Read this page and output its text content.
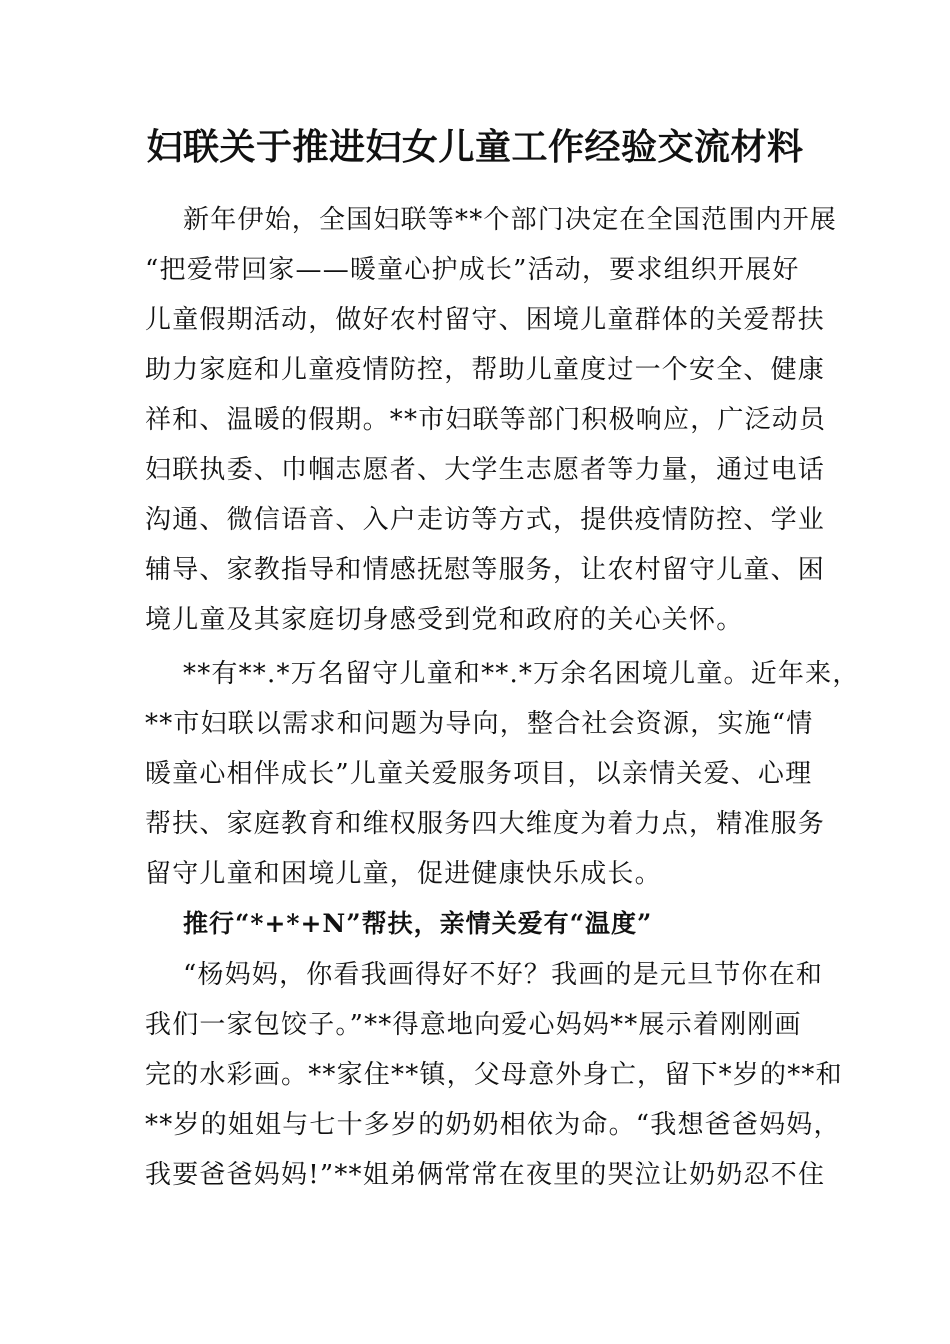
妇联关于推进妇女儿童工作经验交流材料
新年伊始，全国妇联等**个部门决定在全国范围内开展
“把爱带回家——暖童心护成长”活动，要求组织开展好
儿童假期活动，做好农村留守、困境儿童群体的关爱帮扶
助力家庭和儿童疫情防控，帮助儿童度过一个安全、健康
祥和、温暖的假期。**市妇联等部门积极响应，广泛动员
妇联执委、巾帼志愿者、大学生志愿者等力量，通过电话
沟通、微信语音、入户走访等方式，提供疫情防控、学业
辅导、家教指导和情感抚慰等服务，让农村留守儿童、困
境儿童及其家庭切身感受到党和政府的关心关怀。
**有**.*万名留守儿童和**.*万余名困境儿童。近年来，
**市妇联以需求和问题为导向，整合社会资源，实施“情
暖童心相伴成长”儿童关爱服务项目，以亲情关爱、心理
帮扶、家庭教育和维权服务四大维度为着力点，精准服务
留守儿童和困境儿童，促进健康快乐成长。
推行“*+*+N”帮扶，亲情关爱有“温度”
“杨妈妈，你看我画得好不好？我画的是元旦节你在和
我们一家包饺子。”**得意地向爱心妈妈**展示着刚刚画
完的水彩画。**家住**镇，父母意外身亡，留下*岁的**和
**岁的姐姐与七十多岁的奶奶相依为命。“我想爸爸妈妈，
我要爸爸妈妈!”**姐弟俩常常在夜里的哭泣让奶奶忍不住
